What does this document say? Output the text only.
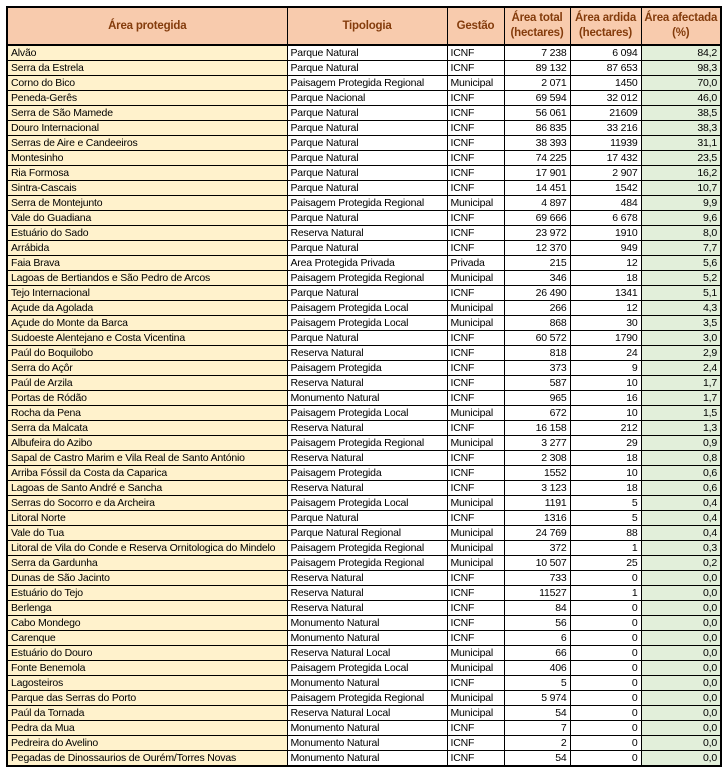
Área protegida	Tipologia	Gestão	Área total (hectares)	Área ardida (hectares)	Área afectada (%)
Alvão	Parque Natural	ICNF	7 238	6 094	84,2
Serra da Estrela	Parque Natural	ICNF	89 132	87 653	98,3
Corno do Bico	Paisagem Protegida Regional	Municipal	2 071	1450	70,0
Peneda-Gerês	Parque Nacional	ICNF	69 594	32 012	46,0
Serra de São Mamede	Parque Natural	ICNF	56 061	21609	38,5
Douro Internacional	Parque Natural	ICNF	86 835	33 216	38,3
Serras de Aire e Candeeiros	Parque Natural	ICNF	38 393	11939	31,1
Montesinho	Parque Natural	ICNF	74 225	17 432	23,5
Ria Formosa	Parque Natural	ICNF	17 901	2 907	16,2
Sintra-Cascais	Parque Natural	ICNF	14 451	1542	10,7
Serra de Montejunto	Paisagem Protegida Regional	Municipal	4 897	484	9,9
Vale do Guadiana	Parque Natural	ICNF	69 666	6 678	9,6
Estuário do Sado	Reserva Natural	ICNF	23 972	1910	8,0
Arrábida	Parque Natural	ICNF	12 370	949	7,7
Faia Brava	Area Protegida Privada	Privada	215	12	5,6
Lagoas de Bertiandos e São Pedro de Arcos	Paisagem Protegida Regional	Municipal	346	18	5,2
Tejo Internacional	Parque Natural	ICNF	26 490	1341	5,1
Açude da Agolada	Paisagem Protegida Local	Municipal	266	12	4,3
Açude do Monte da Barca	Paisagem Protegida Local	Municipal	868	30	3,5
Sudoeste Alentejano e Costa Vicentina	Parque Natural	ICNF	60 572	1790	3,0
Paúl do Boquilobo	Reserva Natural	ICNF	818	24	2,9
Serra do Açôr	Paisagem Protegida	ICNF	373	9	2,4
Paúl de Arzila	Reserva Natural	ICNF	587	10	1,7
Portas de Ródão	Monumento Natural	ICNF	965	16	1,7
Rocha da Pena	Paisagem Protegida Local	Municipal	672	10	1,5
Serra da Malcata	Reserva Natural	ICNF	16 158	212	1,3
Albufeira do Azibo	Paisagem Protegida Regional	Municipal	3 277	29	0,9
Sapal de Castro Marim e Vila Real de Santo António	Reserva Natural	ICNF	2 308	18	0,8
Arriba Fóssil da Costa da Caparica	Paisagem Protegida	ICNF	1552	10	0,6
Lagoas de Santo André e Sancha	Reserva Natural	ICNF	3 123	18	0,6
Serras do Socorro e da Archeira	Paisagem Protegida Local	Municipal	1191	5	0,4
Litoral Norte	Parque Natural	ICNF	1316	5	0,4
Vale do Tua	Parque Natural Regional	Municipal	24 769	88	0,4
Litoral de Vila do Conde e Reserva Ornitologica do Mindelo	Paisagem Protegida Regional	Municipal	372	1	0,3
Serra da Gardunha	Paisagem Protegida Regional	Municipal	10 507	25	0,2
Dunas de São Jacinto	Reserva Natural	ICNF	733	0	0,0
Estuário do Tejo	Reserva Natural	ICNF	11527	1	0,0
Berlenga	Reserva Natural	ICNF	84	0	0,0
Cabo Mondego	Monumento Natural	ICNF	56	0	0,0
Carenque	Monumento Natural	ICNF	6	0	0,0
Estuário do Douro	Reserva Natural Local	Municipal	66	0	0,0
Fonte Benemola	Paisagem Protegida Local	Municipal	406	0	0,0
Lagosteiros	Monumento Natural	ICNF	5	0	0,0
Parque das Serras do Porto	Paisagem Protegida Regional	Municipal	5 974	0	0,0
Paúl da Tornada	Reserva Natural Local	Municipal	54	0	0,0
Pedra da Mua	Monumento Natural	ICNF	7	0	0,0
Pedreira do Avelino	Monumento Natural	ICNF	2	0	0,0
Pegadas de Dinossaurios de Ourém/Torres Novas	Monumento Natural	ICNF	54	0	0,0
